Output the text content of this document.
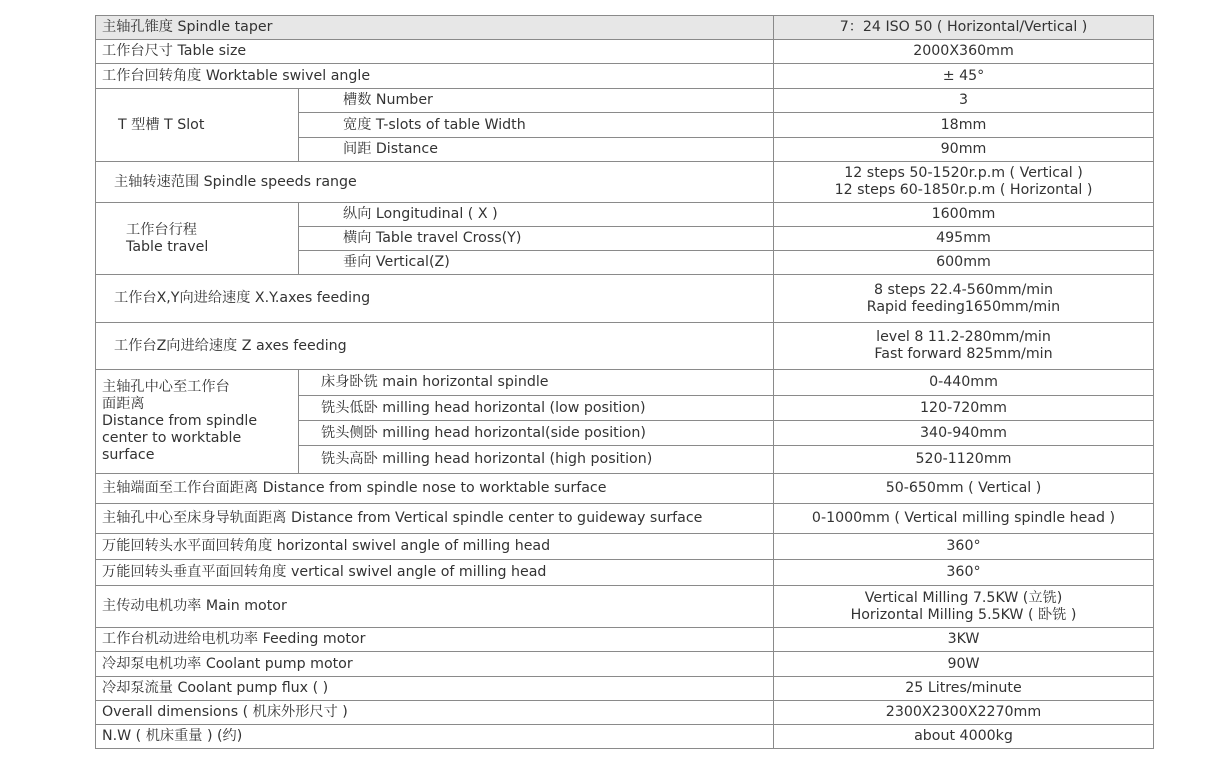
主轴孔锥度 Spindle taper		7：24 ISO 50 ( Horizontal/Vertical )
工作台尺寸 Table size		2000X360mm
工作台回转角度 Worktable swivel angle		± 45°
T 型槽 T Slot	槽数 Number	3
	宽度 T-slots of table Width	18mm
	间距 Distance	90mm
主轴转速范围 Spindle speeds range		12 steps 50-1520r.p.m ( Vertical )
12 steps 60-1850r.p.m ( Horizontal )

工作台行程
Table travel	纵向 Longitudinal ( X )	1600mm
	横向 Table travel Cross(Y)	495mm
	垂向 Vertical(Z)	600mm
工作台X,Y向进给速度 X.Y.axes feeding		8 steps 22.4-560mm/min
Rapid feeding1650mm/min

工作台Z向进给速度 Z axes feeding		level 8 11.2-280mm/min
Fast forward 825mm/min

主轴孔中心至工作台
面距离
Distance from spindle
center to worktable
surface	床身卧铣 main horizontal spindle	0-440mm
	铣头低卧 milling head horizontal (low position)	120-720mm
	铣头侧卧 milling head horizontal(side position)	340-940mm
	铣头高卧 milling head horizontal (high position)	520-1120mm
主轴端面至工作台面距离 Distance from spindle nose to worktable surface		50-650mm ( Vertical )
主轴孔中心至床身导轨面距离 Distance from Vertical spindle center to guideway surface		0-1000mm ( Vertical milling spindle head )
万能回转头水平面回转角度 horizontal swivel angle of milling head		360°
万能回转头垂直平面回转角度 vertical swivel angle of milling head		360°
主传动电机功率 Main motor		Vertical Milling 7.5KW (立铣)
Horizontal Milling 5.5KW ( 卧铣 )

工作台机动进给电机功率 Feeding motor		3KW
冷却泵电机功率 Coolant pump motor		90W
冷却泵流量 Coolant pump flux ( )		25 Litres/minute
Overall dimensions ( 机床外形尺寸 )		2300X2300X2270mm
N.W ( 机床重量 ) (约)		about 4000kg
